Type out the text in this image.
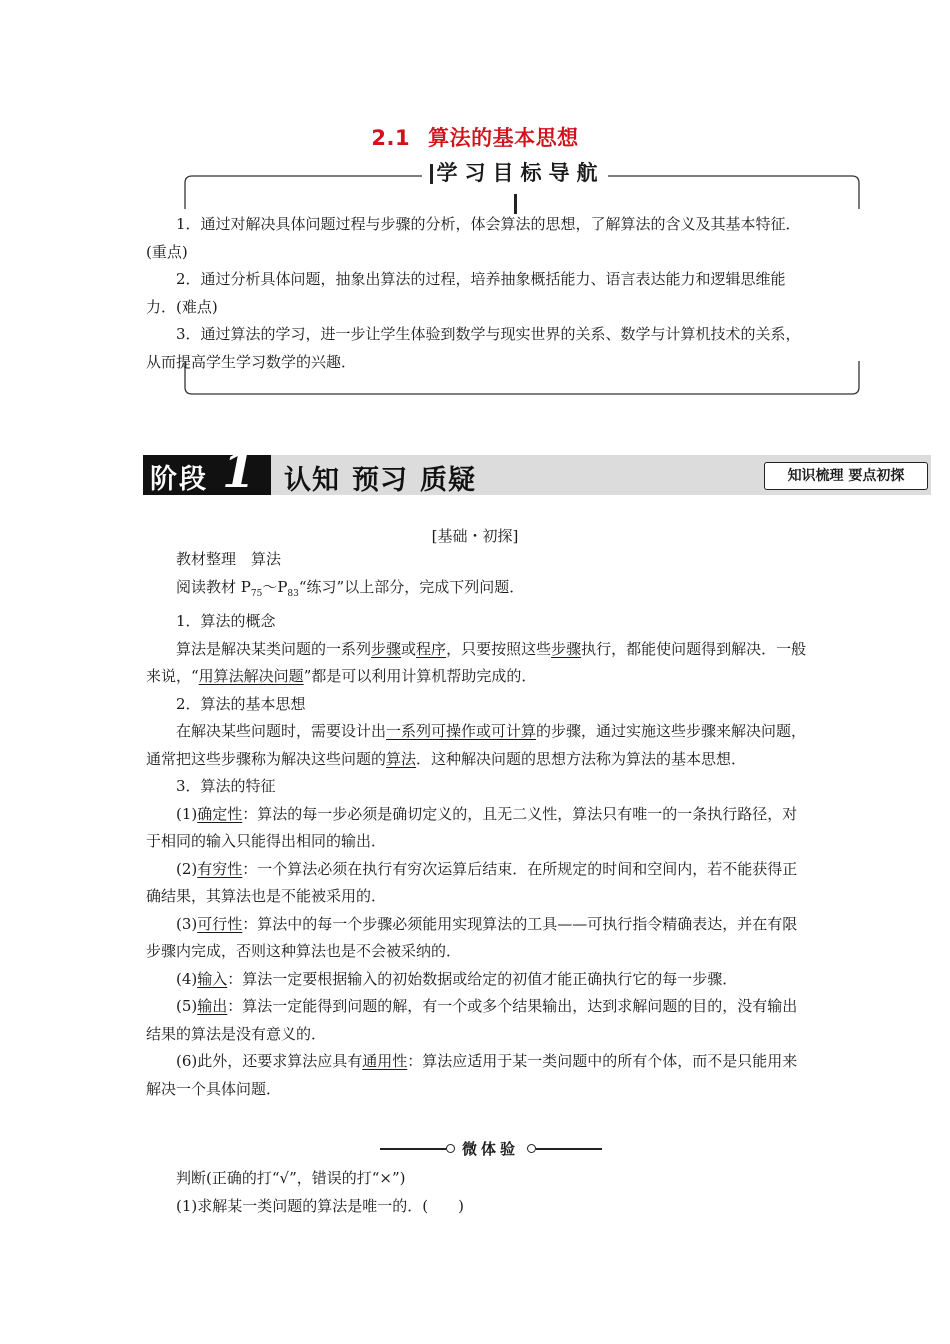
2.1 算法的基本思想
学习目标导航

1．通过对解决具体问题过程与步骤的分析，体会算法的思想，了解算法的含义及其基本特征．(重点)

2．通过分析具体问题，抽象出算法的过程，培养抽象概括能力、语言表达能力和逻辑思维能力．(难点)

3．通过算法的学习，进一步让学生体验到数学与现实世界的关系、数学与计算机技术的关系，从而提高学生学习数学的兴趣．

阶段 1 认知 预习 质疑	知识梳理 要点初探
[基础・初探]

教材整理　算法

阅读教材 $P_{75}\sim P_{83}“$练习”以上部分，完成下列问题．

1．算法的概念

算法是解决某类问题的一系列步骤或程序，只要按照这些步骤执行，都能使问题得到解决．一般来说，“用算法解决问题”都是可以利用计算机帮助完成的．

2．算法的基本思想

在解决某些问题时，需要设计出一系列可操作或可计算的步骤，通过实施这些步骤来解决问题，通常把这些步骤称为解决这些问题的算法．这种解决问题的思想方法称为算法的基本思想．

3．算法的特征

(1)确定性：算法的每一步必须是确切定义的，且无二义性，算法只有唯一的一条执行路径，对于相同的输入只能得出相同的输出．

(2)有穷性：一个算法必须在执行有穷次运算后结束．在所规定的时间和空间内，若不能获得正确结果，其算法也是不能被采用的．

(3)可行性：算法中的每一个步骤必须能用实现算法的工具——可执行指令精确表达，并在有限步骤内完成，否则这种算法也是不会被采纳的．

(4)输入：算法一定要根据输入的初始数据或给定的初值才能正确执行它的每一步骤．

(5)输出：算法一定能得到问题的解，有一个或多个结果输出，达到求解问题的目的，没有输出结果的算法是没有意义的．

(6)此外，还要求算法应具有通用性：算法应适用于某一类问题中的所有个体，而不是只能用来解决一个具体问题．

微体验

判断(正确的打“√”，错误的打“×”)

(1)求解某一类问题的算法是唯一的．(　　)
